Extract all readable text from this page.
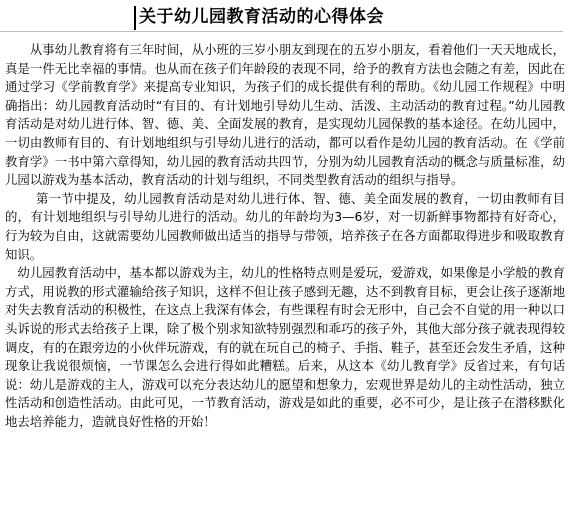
关于幼儿园教育活动的心得体会

从事幼儿教育将有三年时间，从小班的三岁小朋友到现在的五岁小朋友，看着他们一天天地成长，真是一件无比幸福的事情。也从而在孩子们年龄段的表现不同，给予的教育方法也会随之有差，因此在通过学习《学前教育学》来提高专业知识，为孩子们的成长提供有利的帮助。《幼儿园工作规程》中明确指出：幼儿园教育活动时“有目的、有计划地引导幼儿生动、活泼、主动活动的教育过程。”幼儿园教育活动是对幼儿进行体、智、德、美、全面发展的教育，是实现幼儿园保教的基本途径。在幼儿园中，一切由教师有目的、有计划地组织与引导幼儿进行的活动，都可以看作是幼儿园的教育活动。在《学前教育学》一书中第六章得知，幼儿园的教育活动共四节，分别为幼儿园教育活动的概念与质量标准，幼儿园以游戏为基本活动，教育活动的计划与组织，不同类型教育活动的组织与指导。

第一节中提及，幼儿园教育活动是对幼儿进行体、智、德、美全面发展的教育，一切由教师有目的，有计划地组织与引导幼儿进行的活动。幼儿的年龄均为3—6岁，对一切新鲜事物都持有好奇心，行为较为自由，这就需要幼儿园教师做出适当的指导与带领，培养孩子在各方面都取得进步和吸取教育知识。

幼儿园教育活动中，基本都以游戏为主，幼儿的性格特点则是爱玩，爱游戏，如果像是小学般的教育方式，用说教的形式灌输给孩子知识，这样不但让孩子感到无趣，达不到教育目标，更会让孩子逐渐地对失去教育活动的积极性，在这点上我深有体会，有些课程有时会无形中，自己会不自觉的用一种以口头诉说的形式去给孩子上课，除了极个别求知欲特别强烈和乖巧的孩子外，其他大部分孩子就表现得较调皮，有的在跟旁边的小伙伴玩游戏，有的就在玩自己的椅子、手指、鞋子，甚至还会发生矛盾，这种现象让我说很烦恼，一节课怎么会进行得如此糟糕。后来，从这本《幼儿教育学》反省过来，有句话说：幼儿是游戏的主人，游戏可以充分表达幼儿的愿望和想象力，宏观世界是幼儿的主动性活动，独立性活动和创造性活动。由此可见，一节教育活动，游戏是如此的重要，必不可少，是让孩子在潜移默化地去培养能力，造就良好性格的开始！
